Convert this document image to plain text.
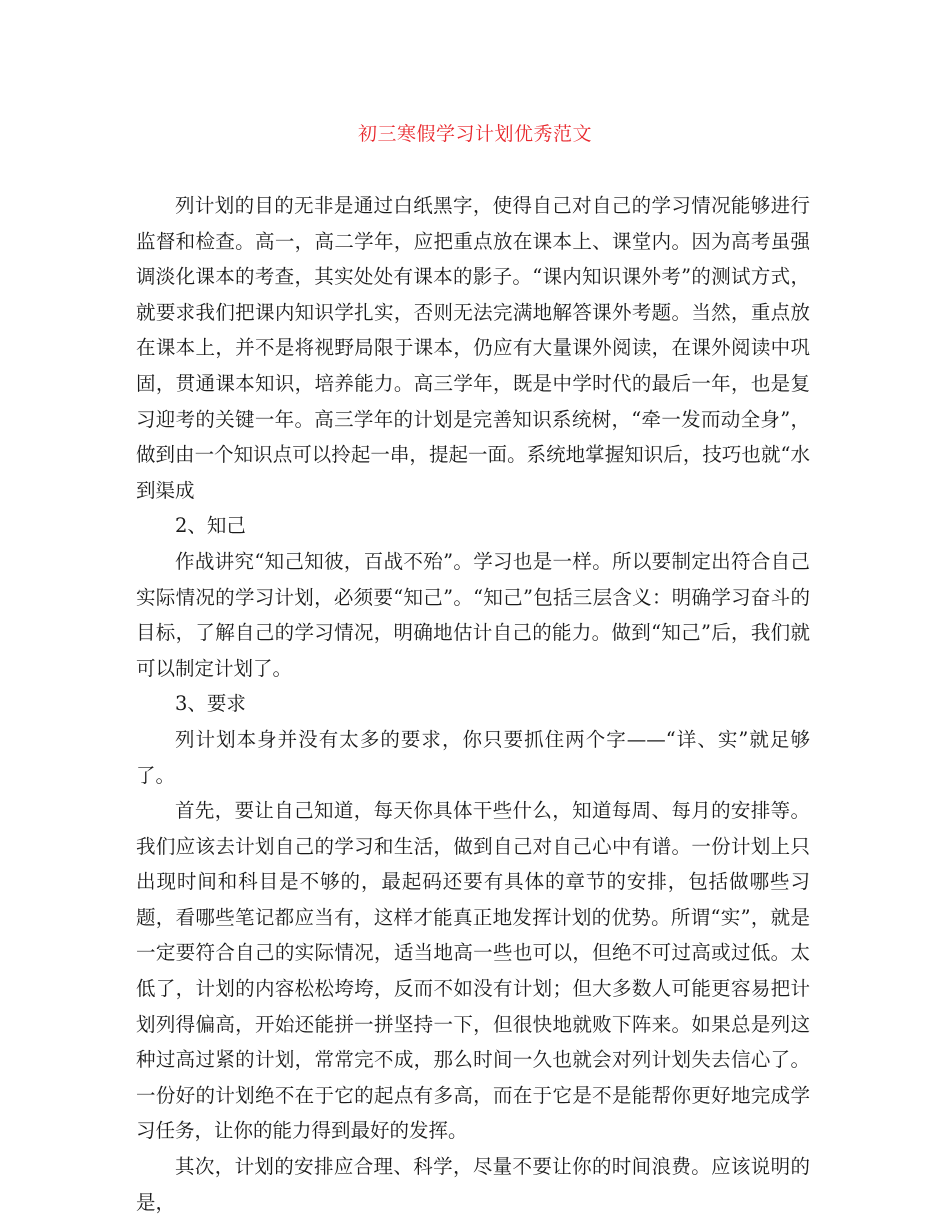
初三寒假学习计划优秀范文

列计划的目的无非是通过白纸黑字，使得自己对自己的学习情况能够进行监督和检查。高一，高二学年，应把重点放在课本上、课堂内。因为高考虽强调淡化课本的考查，其实处处有课本的影子。“课内知识课外考”的测试方式，就要求我们把课内知识学扎实，否则无法完满地解答课外考题。当然，重点放在课本上，并不是将视野局限于课本，仍应有大量课外阅读，在课外阅读中巩固，贯通课本知识，培养能力。高三学年，既是中学时代的最后一年，也是复习迎考的关键一年。高三学年的计划是完善知识系统树，“牵一发而动全身”，做到由一个知识点可以拎起一串，提起一面。系统地掌握知识后，技巧也就“水到渠成

2、知己

作战讲究“知己知彼，百战不殆”。学习也是一样。所以要制定出符合自己实际情况的学习计划，必须要“知己”。“知己”包括三层含义：明确学习奋斗的目标，了解自己的学习情况，明确地估计自己的能力。做到“知己”后，我们就可以制定计划了。

3、要求

列计划本身并没有太多的要求，你只要抓住两个字——“详、实”就足够了。

首先，要让自己知道，每天你具体干些什么，知道每周、每月的安排等。我们应该去计划自己的学习和生活，做到自己对自己心中有谱。一份计划上只出现时间和科目是不够的，最起码还要有具体的章节的安排，包括做哪些习题，看哪些笔记都应当有，这样才能真正地发挥计划的优势。所谓“实”，就是一定要符合自己的实际情况，适当地高一些也可以，但绝不可过高或过低。太低了，计划的内容松松垮垮，反而不如没有计划；但大多数人可能更容易把计划列得偏高，开始还能拼一拼坚持一下，但很快地就败下阵来。如果总是列这种过高过紧的计划，常常完不成，那么时间一久也就会对列计划失去信心了。一份好的计划绝不在于它的起点有多高，而在于它是不是能帮你更好地完成学习任务，让你的能力得到最好的发挥。

其次，计划的安排应合理、科学，尽量不要让你的时间浪费。应该说明的是，
